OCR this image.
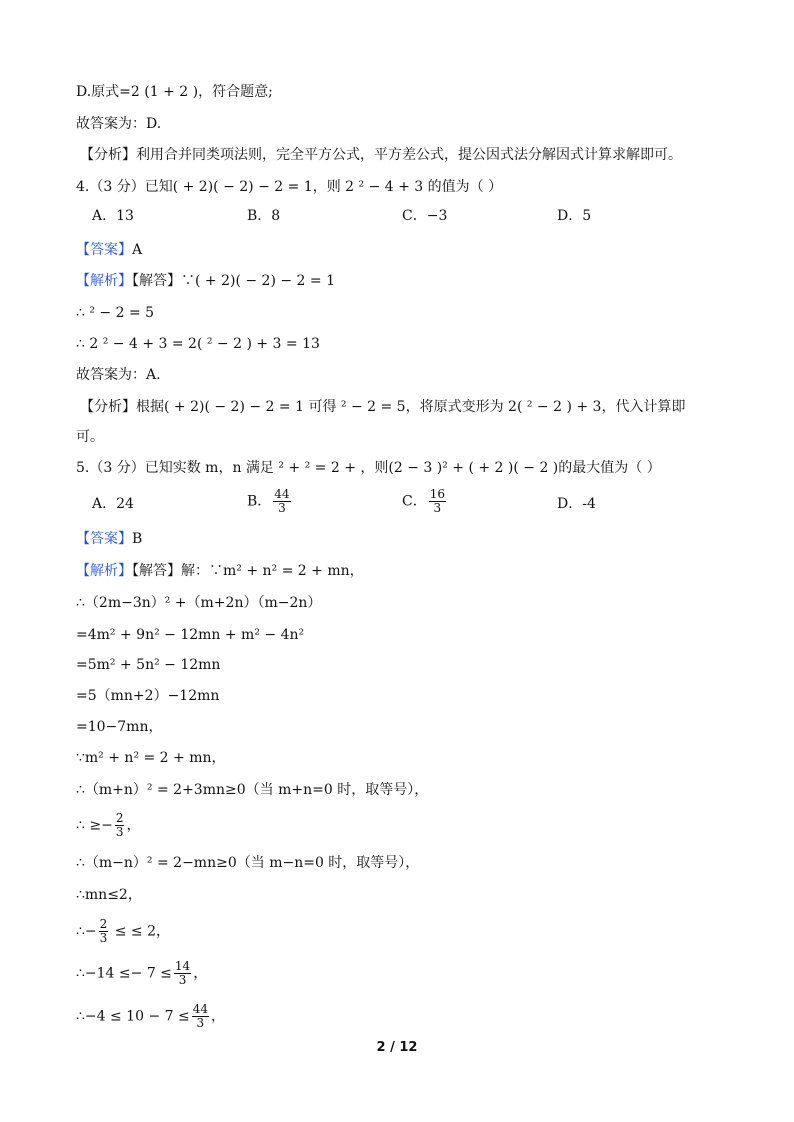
D.原式=2 (1 + 2 )，符合题意;
故答案为：D.
【分析】利用合并同类项法则，完全平方公式，平方差公式，提公因式法分解因式计算求解即可。
4.（3 分）已知( + 2)( − 2) − 2 = 1，则 2 ² − 4 + 3 的值为（ ）
A．13	B．8	C．−3	D．5
【答案】A
【解析】【解答】∵( + 2)( − 2) − 2 = 1
∴ ² − 2 = 5
∴ 2 ² − 4 + 3 = 2( ² − 2 ) + 3 = 13
故答案为：A.
【分析】根据( + 2)( − 2) − 2 = 1 可得 ² − 2 = 5，将原式变形为 2( ² − 2 ) + 3，代入计算即
可。
5.（3 分）已知实数 m，n 满足 ² + ² = 2 + ，则(2 − 3 )² + ( + 2 )( − 2 )的最大值为（ ）
A．24	B． $\frac{44}{3}$	C． $\frac{16}{3}$	D．-4
【答案】B
【解析】【解答】解：∵m² + n² = 2 + mn，
∴（2m−3n）² +（m+2n）（m−2n）
=4m² + 9n² − 12mn + m² − 4n²
=5m² + 5n² − 12mn
=5（mn+2）−12mn
=10−7mn，
∵m² + n² = 2 + mn，
∴（m+n）² = 2+3mn≥0（当 m+n=0 时，取等号），
∴ ≥− $\frac{2}{3}$ ，
∴（m−n）² = 2−mn≥0（当 m−n=0 时，取等号），
∴mn≤2，
∴− $\frac{2}{3}$ ≤ ≤ 2，
∴−14 ≤− $7 \le \frac{14}{3}$ ，
∴−4 ≤ $10 - 7 \le \frac{44}{3}$ ，
2 / 12
